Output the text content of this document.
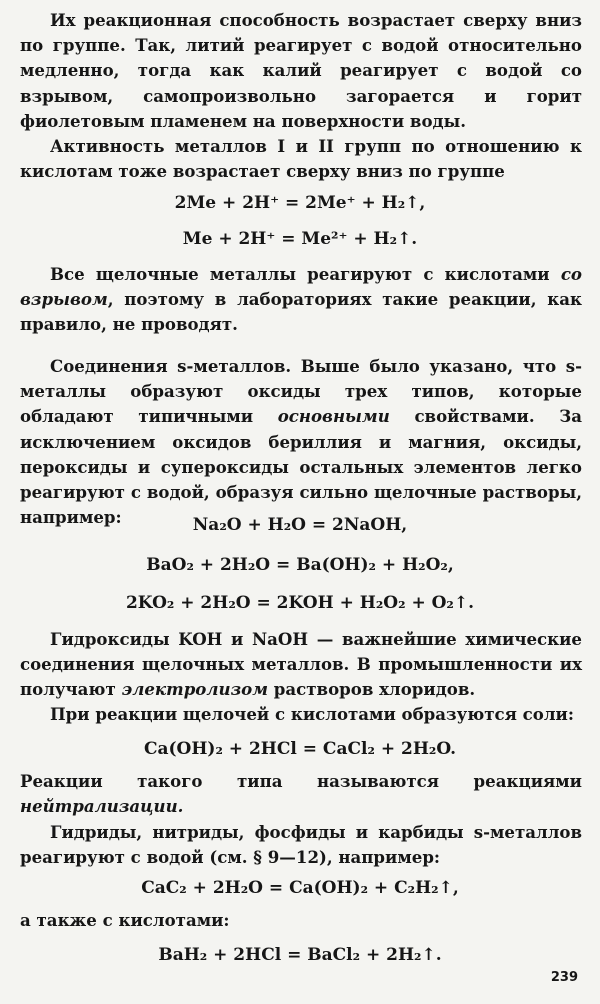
Их реакционная способность возрастает сверху вниз по группе. Так, литий реагирует с водой относительно медленно, тогда как калий реагирует с водой со взрывом, самопроизвольно загорается и горит фиолетовым пламенем на поверхности воды.

Активность металлов I и II групп по отношению к кислотам тоже возрастает сверху вниз по группе

2Me + 2H⁺ = 2Me⁺ + H₂↑,

Me + 2H⁺ = Me²⁺ + H₂↑.

Все щелочные металлы реагируют с кислотами со взрывом, поэтому в лабораториях такие реакции, как правило, не проводят.

Соединения s-металлов. Выше было указано, что s-металлы образуют оксиды трех типов, которые обладают типичными основными свойствами. За исключением оксидов бериллия и магния, оксиды, пероксиды и супероксиды остальных элементов легко реагируют с водой, образуя сильно щелочные растворы, например:	Na₂O + H₂O = 2NaOH,

BaO₂ + 2H₂O = Ba(OH)₂ + H₂O₂,

2KO₂ + 2H₂O = 2KOH + H₂O₂ + O₂↑.

Гидроксиды KOH и NaOH — важнейшие химические соединения щелочных металлов. В промышленности их получают электролизом растворов хлоридов.

При реакции щелочей с кислотами образуются соли:

Ca(OH)₂ + 2HCl = CaCl₂ + 2H₂O.

Реакции такого типа называются реакциями нейтрализации.

Гидриды, нитриды, фосфиды и карбиды s-металлов реагируют с водой (см. § 9—12), например:

CaC₂ + 2H₂O = Ca(OH)₂ + C₂H₂↑,

а также с кислотами:

BaH₂ + 2HCl = BaCl₂ + 2H₂↑.

239
